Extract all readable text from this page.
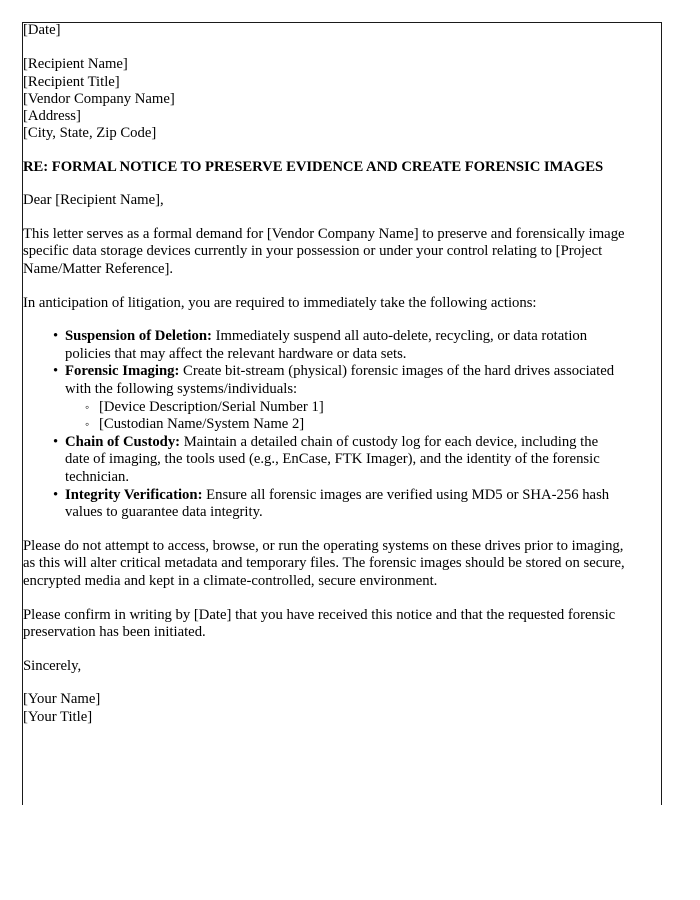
[Date]
[Recipient Name]
[Recipient Title]
[Vendor Company Name]
[Address]
[City, State, Zip Code]
RE: FORMAL NOTICE TO PRESERVE EVIDENCE AND CREATE FORENSIC IMAGES

Dear [Recipient Name],

This letter serves as a formal demand for [Vendor Company Name] to preserve and forensically image specific data storage devices currently in your possession or under your control relating to [Project Name/Matter Reference].

In anticipation of litigation, you are required to immediately take the following actions:

• Suspension of Deletion: Immediately suspend all auto-delete, recycling, or data rotation policies that may affect the relevant hardware or data sets.
• Forensic Imaging: Create bit-stream (physical) forensic images of the hard drives associated with the following systems/individuals:
◦ [Device Description/Serial Number 1]
◦ [Custodian Name/System Name 2]
• Chain of Custody: Maintain a detailed chain of custody log for each device, including the date of imaging, the tools used (e.g., EnCase, FTK Imager), and the identity of the forensic technician.
• Integrity Verification: Ensure all forensic images are verified using MD5 or SHA-256 hash values to guarantee data integrity.

Please do not attempt to access, browse, or run the operating systems on these drives prior to imaging, as this will alter critical metadata and temporary files. The forensic images should be stored on secure, encrypted media and kept in a climate-controlled, secure environment.

Please confirm in writing by [Date] that you have received this notice and that the requested forensic preservation has been initiated.

Sincerely,

[Your Name]
[Your Title]
